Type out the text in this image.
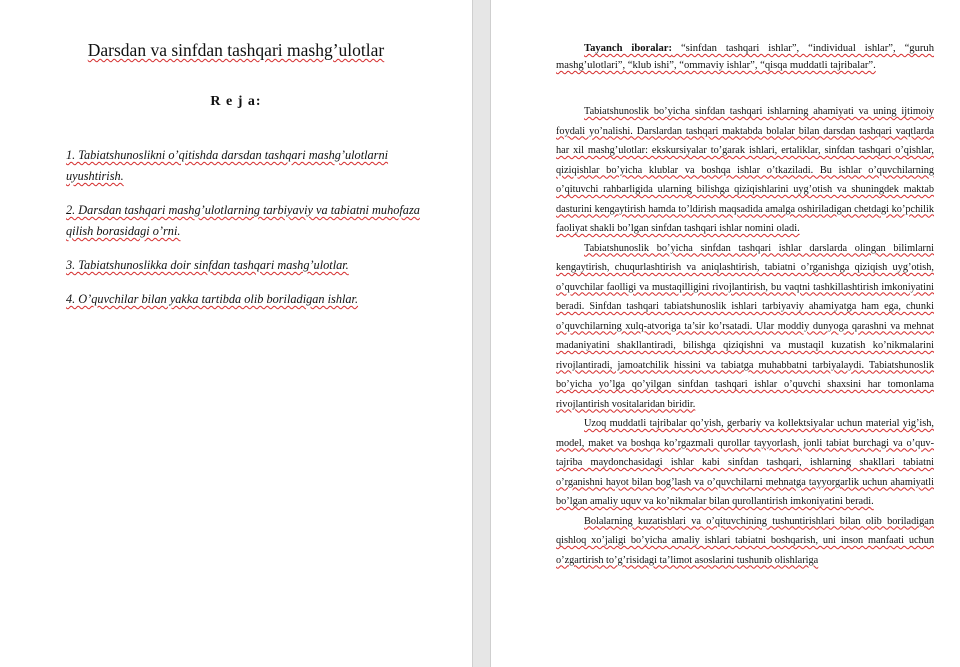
Darsdan va sinfdan tashqari mashg’ulotlar
R e j a:
1. Tabiatshunoslikni o’qitishda darsdan tashqari mashg’ulotlarni uyushtirish.
2. Darsdan tashqari mashg’ulotlarning tarbiyaviy va tabiatni muhofaza qilish borasidagi o’rni.
3. Tabiatshunoslikka doir sinfdan tashqari mashg’ulotlar.
4. O’quvchilar bilan yakka tartibda olib boriladigan ishlar.
Tayanch iboralar: “sinfdan tashqari ishlar”, “individual ishlar”, “guruh mashg’ulotlari”, “klub ishi”, “ommaviy ishlar”, “qisqa muddatli tajribalar”.

Tabiatshunoslik bo’yicha sinfdan tashqari ishlarning ahamiyati va uning ijtimoiy foydali yo’nalishi. Darslardan tashqari maktabda bolalar bilan darsdan tashqari vaqtlarda har xil mashg’ulotlar: ekskursiyalar to’garak ishlari, ertaliklar, sinfdan tashqari o’qishlar, qiziqishlar bo’yicha klublar va boshqa ishlar o’tkaziladi. Bu ishlar o’quvchilarning o’qituvchi rahbarligida ularning bilishga qiziqishlarini uyg’otish va shuningdek maktab dasturini kengaytirish hamda to’ldirish maqsadida amalga oshiriladigan chetdagi ko’pchilik faoliyat shakli bo’lgan sinfdan tashqari ishlar nomini oladi.

Tabiatshunoslik bo’yicha sinfdan tashqari ishlar darslarda olingan bilimlarni kengaytirish, chuqurlashtirish va aniqlashtirish, tabiatni o’rganishga qiziqish uyg’otish, o’quvchilar faolligi va mustaqilligini rivojlantirish, bu vaqtni tashkillashtirish imkoniyatini beradi. Sinfdan tashqari tabiatshunoslik ishlari tarbiyaviy ahamiyatga ham ega, chunki o’quvchilarning xulq-atvoriga ta’sir ko’rsatadi. Ular moddiy dunyoga qarashni va mehnat madaniyatini shakllantiradi, bilishga qiziqishni va mustaqil kuzatish ko’nikmalarini rivojlantiradi, jamoatchilik hissini va tabiatga muhabbatni tarbiyalaydi. Tabiatshunoslik bo’yicha yo’lga qo’yilgan sinfdan tashqari ishlar o’quvchi shaxsini har tomonlama rivojlantirish vositalaridan biridir.

Uzoq muddatli tajribalar qo’yish, gerbariy va kollektsiyalar uchun material yig’ish, model, maket va boshqa ko’rgazmali qurollar tayyorlash, jonli tabiat burchagi va o’quv-tajriba maydonchasidagi ishlar kabi sinfdan tashqari, ishlarning shakllari tabiatni o’rganishni hayot bilan bog’lash va o’quvchilarni mehnatga tayyorgarlik uchun ahamiyatli bo’lgan amaliy uquv va ko’nikmalar bilan qurollantirish imkoniyatini beradi.

Bolalarning kuzatishlari va o’qituvchining tushuntirishlari bilan olib boriladigan qishloq xo’jaligi bo’yicha amaliy ishlari tabiatni boshqarish, uni inson manfaati uchun o’zgartirish to’g’risidagi ta’limot asoslarini tushunib olishlariga
